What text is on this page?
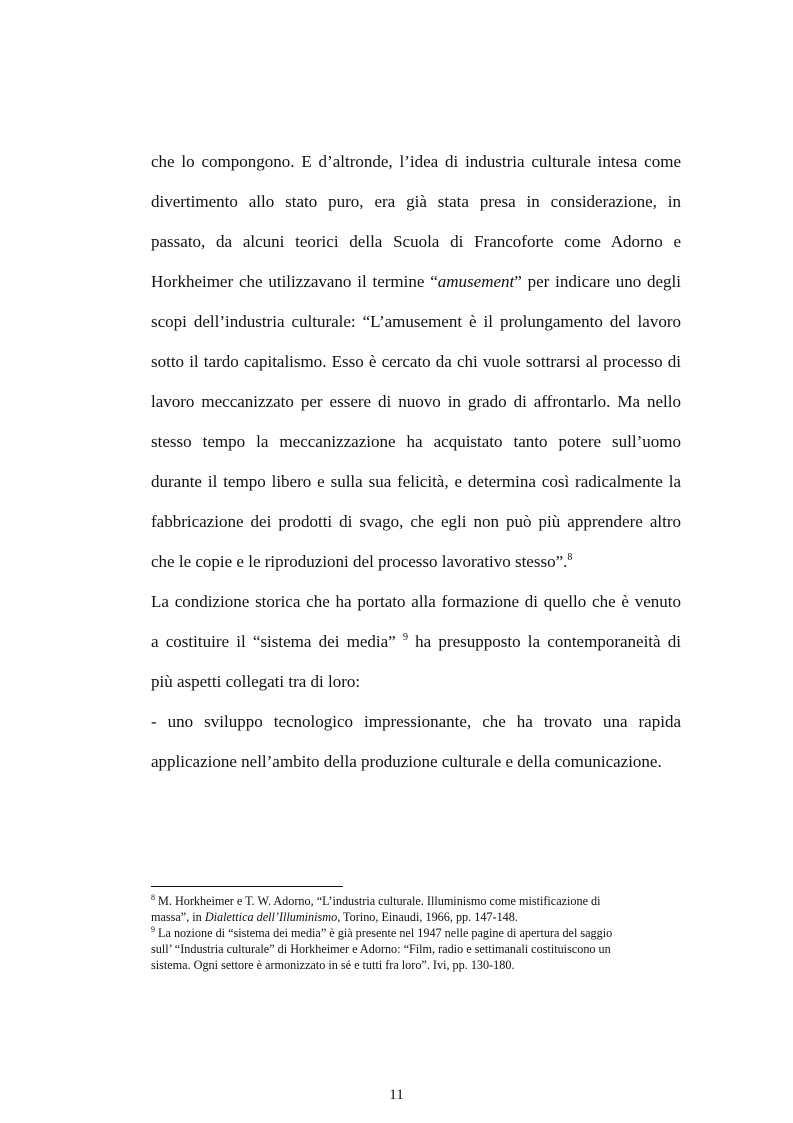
che lo compongono. E d’altronde, l’idea di industria culturale intesa come
divertimento allo stato puro, era già stata presa in considerazione, in
passato, da alcuni teorici della Scuola di Francoforte come Adorno e
Horkheimer che utilizzavano il termine “amusement” per indicare uno degli
scopi dell’industria culturale: “L’amusement è il prolungamento del lavoro
sotto il tardo capitalismo. Esso è cercato da chi vuole sottrarsi al processo di
lavoro meccanizzato per essere di nuovo in grado di affrontarlo. Ma nello
stesso tempo la meccanizzazione ha acquistato tanto potere sull’uomo
durante il tempo libero e sulla sua felicità, e determina così radicalmente la
fabbricazione dei prodotti di svago, che egli non può più apprendere altro
che le copie e le riproduzioni del processo lavorativo stesso”.$^8$
La condizione storica che ha portato alla formazione di quello che è venuto
a costituire il “sistema dei media” $^9$ ha presupposto la contemporaneità di
più aspetti collegati tra di loro:
- uno sviluppo tecnologico impressionante, che ha trovato una rapida
applicazione nell’ambito della produzione culturale e della comunicazione.
$^8$ M. Horkheimer e T. W. Adorno, “L’industria culturale. Illuminismo come mistificazione di
massa”, in Dialettica dell’Illuminismo, Torino, Einaudi, 1966, pp. 147-148.
$^9$ La nozione di “sistema dei media” è già presente nel 1947 nelle pagine di apertura del saggio
sull’ “Industria culturale” di Horkheimer e Adorno: “Film, radio e settimanali costituiscono un
sistema. Ogni settore è armonizzato in sé e tutti fra loro”. Ivi, pp. 130-180.
11
